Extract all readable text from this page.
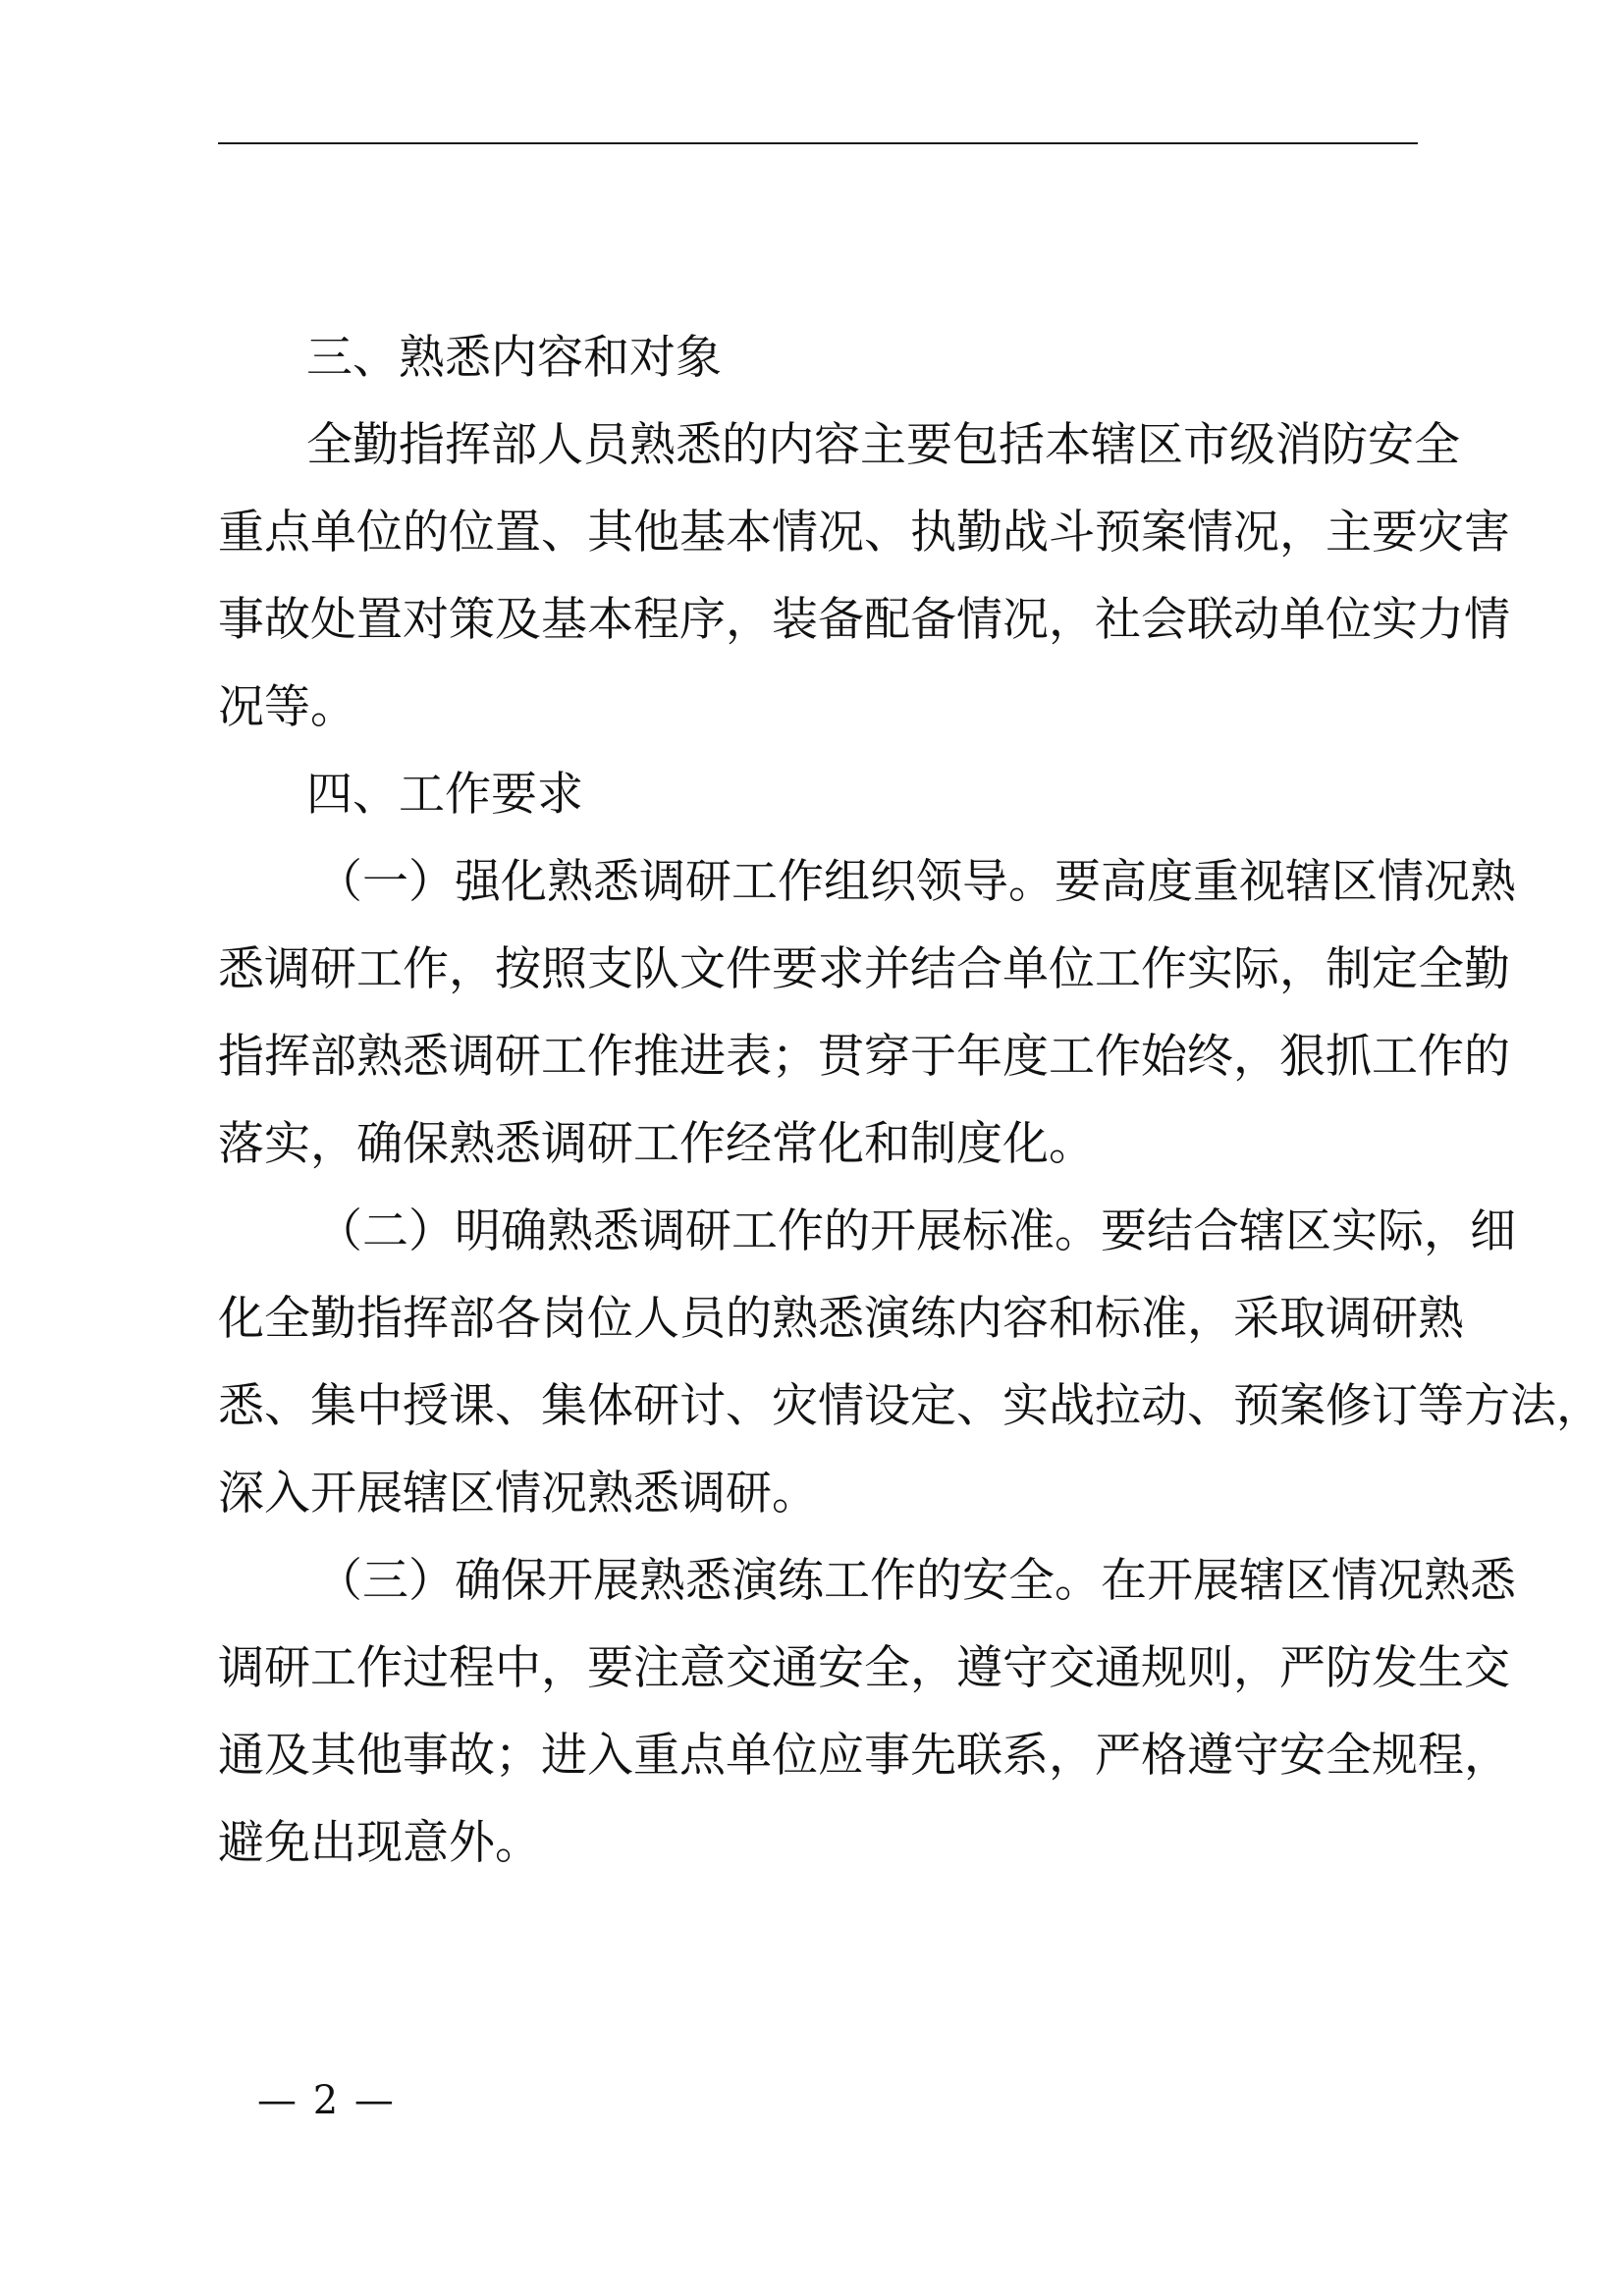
三、熟悉内容和对象
全勤指挥部人员熟悉的内容主要包括本辖区市级消防安全
重点单位的位置、其他基本情况、执勤战斗预案情况，主要灾害
事故处置对策及基本程序，装备配备情况，社会联动单位实力情
况等。
四、工作要求
（一）强化熟悉调研工作组织领导。要高度重视辖区情况熟
悉调研工作，按照支队文件要求并结合单位工作实际，制定全勤
指挥部熟悉调研工作推进表；贯穿于年度工作始终，狠抓工作的
落实，确保熟悉调研工作经常化和制度化。
（二）明确熟悉调研工作的开展标准。要结合辖区实际，细
化全勤指挥部各岗位人员的熟悉演练内容和标准，采取调研熟
悉、集中授课、集体研讨、灾情设定、实战拉动、预案修订等方法，
深入开展辖区情况熟悉调研。
（三）确保开展熟悉演练工作的安全。在开展辖区情况熟悉
调研工作过程中，要注意交通安全，遵守交通规则，严防发生交
通及其他事故；进入重点单位应事先联系，严格遵守安全规程，
避免出现意外。
— 2 —
